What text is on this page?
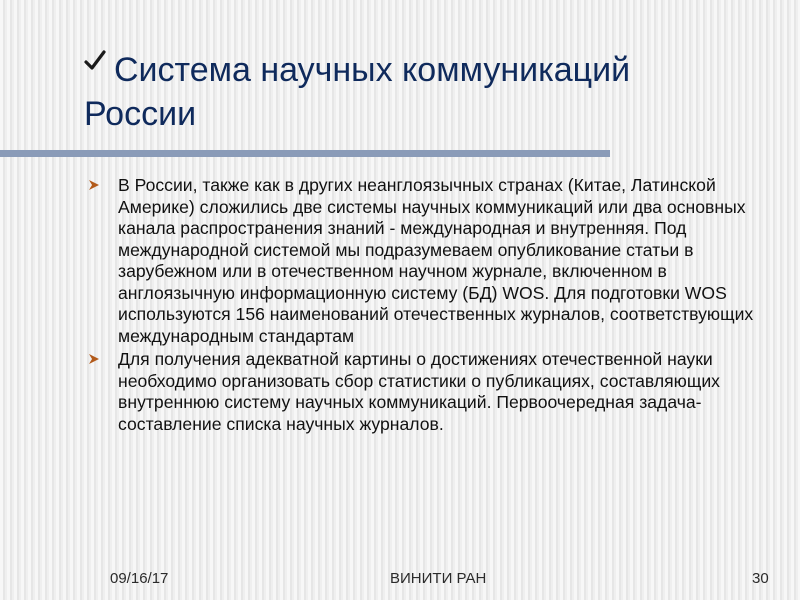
Система научных коммуникаций
России
В России, также как в других неанглоязычных странах (Китае, Латинской Америке) сложились две системы научных коммуникаций или два основных канала распространения знаний - международная и внутренняя. Под международной системой мы подразумеваем опубликование статьи в зарубежном или в отечественном научном журнале, включенном в англоязычную информационную систему (БД) WOS. Для подготовки WOS используются 156 наименований отечественных журналов, соответствующих международным стандартам
Для получения адекватной картины о достижениях отечественной науки необходимо организовать сбор статистики о публикациях, составляющих внутреннюю систему научных коммуникаций. Первоочередная задача- составление списка научных журналов.
09/16/17	ВИНИТИ РАН	30
